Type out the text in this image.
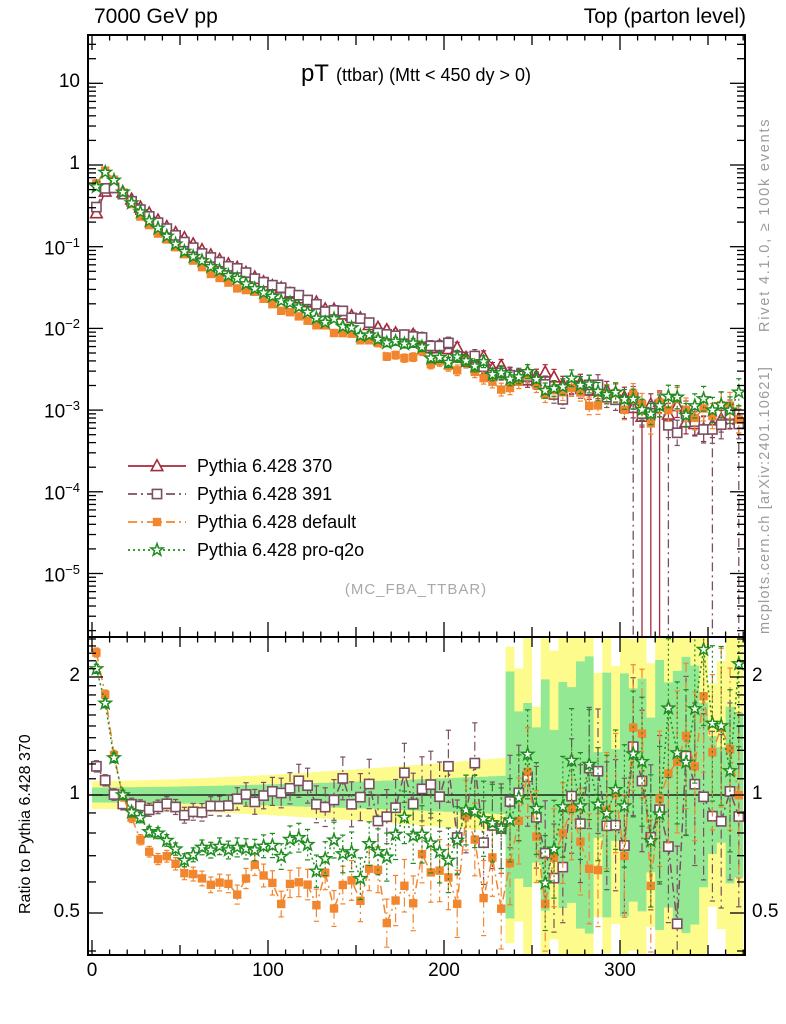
7000 GeV pp	Top (parton level)
pT (ttbar) (Mtt < 450 dy > 0)
Pythia 6.428 370
Pythia 6.428 391
Pythia 6.428 default
Pythia 6.428 pro-q2o
(MC_FBA_TTBAR)
Rivet 4.1.0, ≥ 100k events
mcplots.cern.ch [arXiv:2401.10621]
Ratio to Pythia 6.428 370
0	100	200	300
10
1
$10^{-1}$
$10^{-2}$
$10^{-3}$
$10^{-4}$
$10^{-5}$
2	2
1	1
0.5	0.5
